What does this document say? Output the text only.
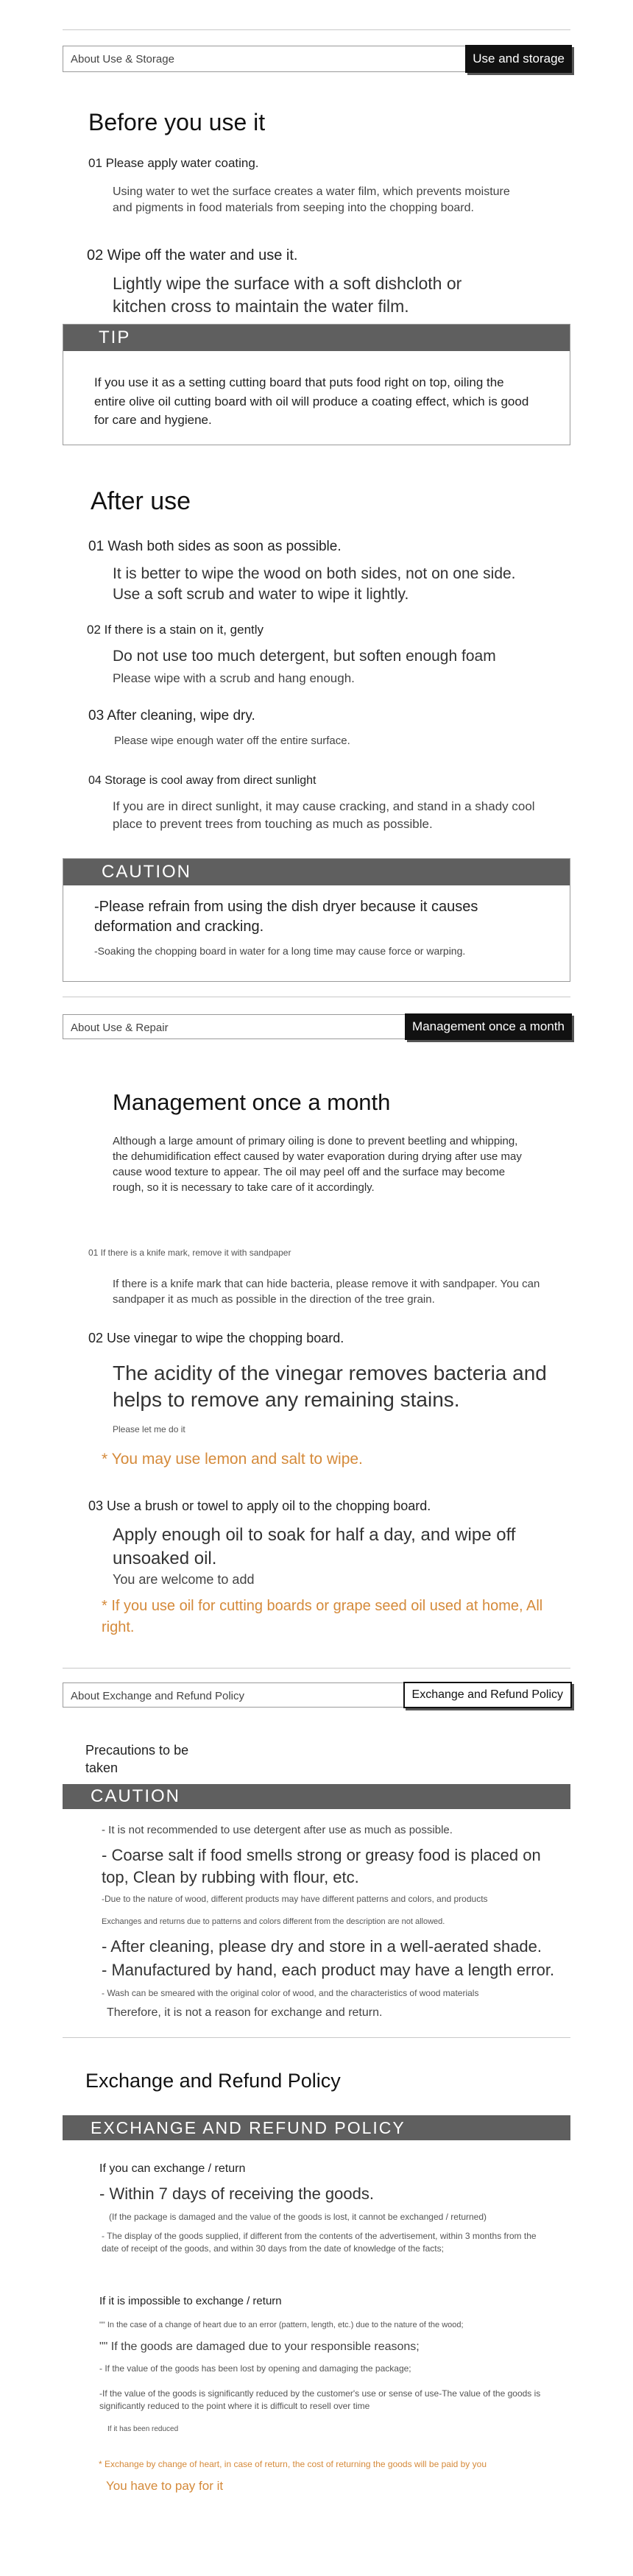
About Use & Storage	Use and storage
Before you use it
01 Please apply water coating.
Using water to wet the surface creates a water film, which prevents moisture and pigments in food materials from seeping into the chopping board.
02 Wipe off the water and use it.
Lightly wipe the surface with a soft dishcloth or kitchen cross to maintain the water film.
TIP
If you use it as a setting cutting board that puts food right on top, oiling the entire olive oil cutting board with oil will produce a coating effect, which is good for care and hygiene.
After use
01 Wash both sides as soon as possible.
It is better to wipe the wood on both sides, not on one side. Use a soft scrub and water to wipe it lightly.
02 If there is a stain on it, gently
Do not use too much detergent, but soften enough foam
Please wipe with a scrub and hang enough.
03 After cleaning, wipe dry.
Please wipe enough water off the entire surface.
04 Storage is cool away from direct sunlight
If you are in direct sunlight, it may cause cracking, and stand in a shady cool place to prevent trees from touching as much as possible.
CAUTION
-Please refrain from using the dish dryer because it causes deformation and cracking.
-Soaking the chopping board in water for a long time may cause force or warping.
About Use & Repair	Management once a month
Management once a month
Although a large amount of primary oiling is done to prevent beetling and whipping, the dehumidification effect caused by water evaporation during drying after use may cause wood texture to appear. The oil may peel off and the surface may become rough, so it is necessary to take care of it accordingly.
01 If there is a knife mark, remove it with sandpaper
If there is a knife mark that can hide bacteria, please remove it with sandpaper. You can sandpaper it as much as possible in the direction of the tree grain.
02 Use vinegar to wipe the chopping board.
The acidity of the vinegar removes bacteria and helps to remove any remaining stains.
Please let me do it
* You may use lemon and salt to wipe.
03 Use a brush or towel to apply oil to the chopping board.
Apply enough oil to soak for half a day, and wipe off unsoaked oil.
You are welcome to add
* If you use oil for cutting boards or grape seed oil used at home, All right.
About Exchange and Refund Policy	Exchange and Refund Policy
Precautions to be taken
CAUTION
- It is not recommended to use detergent after use as much as possible.
- Coarse salt if food smells strong or greasy food is placed on top, Clean by rubbing with flour, etc.
-Due to the nature of wood, different products may have different patterns and colors, and products
Exchanges and returns due to patterns and colors different from the description are not allowed.
- After cleaning, please dry and store in a well-aerated shade.
- Manufactured by hand, each product may have a length error.
- Wash can be smeared with the original color of wood, and the characteristics of wood materials
Therefore, it is not a reason for exchange and return.
Exchange and Refund Policy
EXCHANGE AND REFUND POLICY
If you can exchange / return
- Within 7 days of receiving the goods.
(If the package is damaged and the value of the goods is lost, it cannot be exchanged / returned)
- The display of the goods supplied, if different from the contents of the advertisement, within 3 months from the date of receipt of the goods, and within 30 days from the date of knowledge of the facts;
If it is impossible to exchange / return
"" In the case of a change of heart due to an error (pattern, length, etc.) due to the nature of the wood;
"" If the goods are damaged due to your responsible reasons;
- If the value of the goods has been lost by opening and damaging the package;
-If the value of the goods is significantly reduced by the customer's use or sense of use-The value of the goods is significantly reduced to the point where it is difficult to resell over time
If it has been reduced
* Exchange by change of heart, in case of return, the cost of returning the goods will be paid by you
You have to pay for it
